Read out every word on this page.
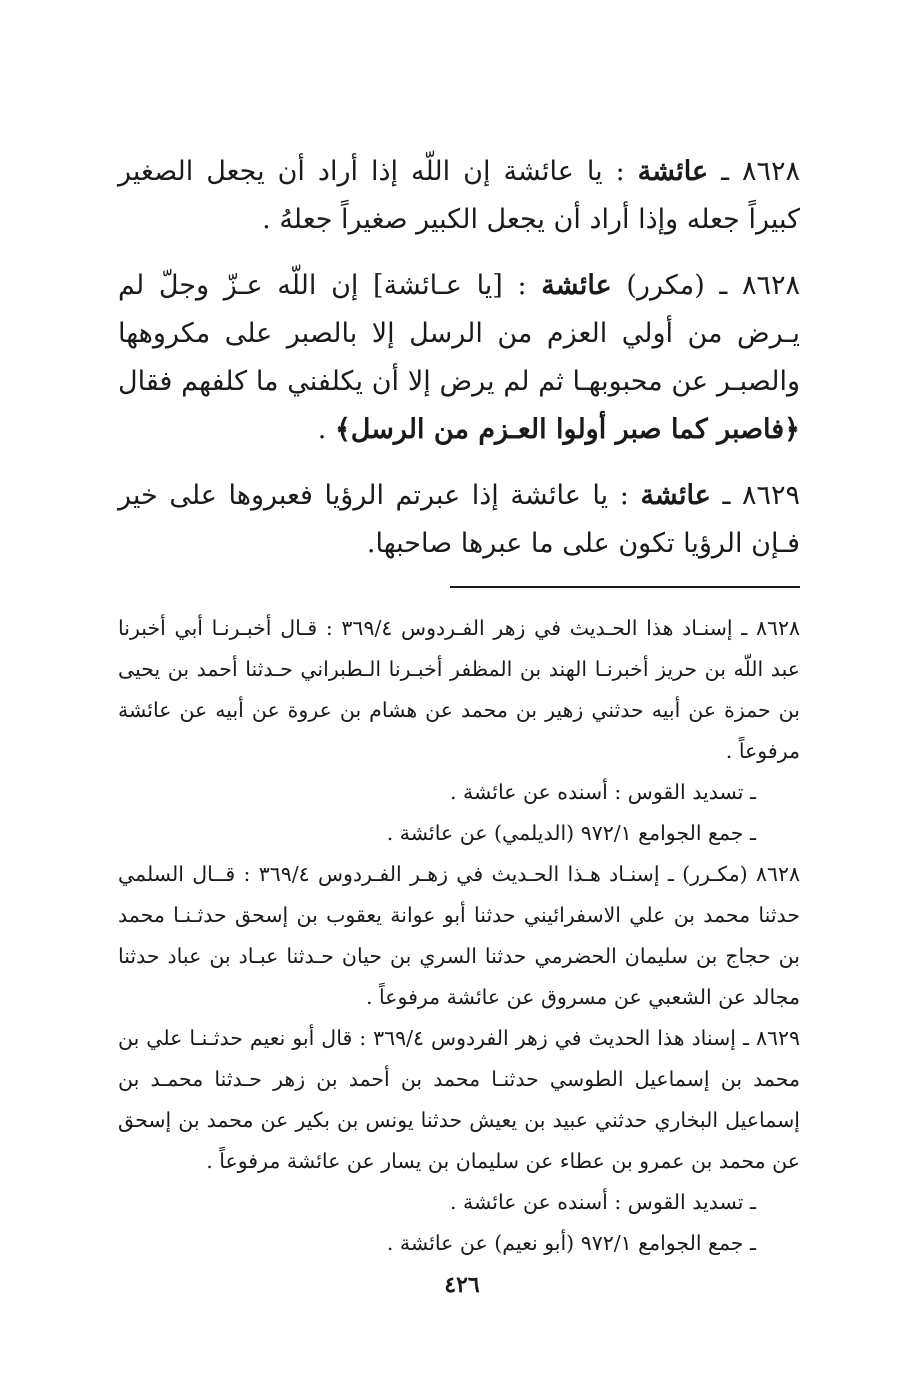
٨٦٢٨ ـ عائشة : يا عائشة إن اللّه إذا أراد أن يجعل الصغير كبيراً جعله وإذا أراد أن يجعل الكبير صغيراً جعلهُ .

٨٦٢٨ ـ (مكرر) عائشة : [يا عـائشة] إن اللّه عـزّ وجلّ لم يـرض من أولي العزم من الرسل إلا بالصبر على مكروهها والصبـر عن محبوبهـا ثم لم يرض إلا أن يكلفني ما كلفهم فقال ﴿فاصبر كما صبر أولوا العـزم من الرسل﴾ .

٨٦٢٩ ـ عائشة : يا عائشة إذا عبرتم الرؤيا فعبروها على خير فـإن الرؤيا تكون على ما عبرها صاحبها.

٨٦٢٨ ـ إسنـاد هذا الحـديث في زهر الفـردوس ٣٦٩/٤ : قـال أخبـرنـا أبي أخبرنا عبد اللّه بن حريز أخبرنـا الهند بن المظفر أخبـرنا الـطبراني حـدثنا أحمد بن يحيى بن حمزة عن أبيه حدثني زهير بن محمد عن هشام بن عروة عن أبيه عن عائشة مرفوعاً .

ـ تسديد القوس : أسنده عن عائشة .

ـ جمع الجوامع ٩٧٢/١ (الديلمي) عن عائشة .

٨٦٢٨ (مكـرر) ـ إسنـاد هـذا الحـديث في زهـر الفـردوس ٣٦٩/٤ : قــال السلمي حدثنا محمد بن علي الاسفرائيني حدثنا أبو عوانة يعقوب بن إسحق حدثـنـا محمد بن حجاج بن سليمان الحضرمي حدثنا السري بن حيان حـدثنا عبـاد بن عباد حدثنا مجالد عن الشعبي عن مسروق عن عائشة مرفوعاً .

٨٦٢٩ ـ إسناد هذا الحديث في زهر الفردوس ٣٦٩/٤ : قال أبو نعيم حدثـنـا علي بن محمد بن إسماعيل الطوسي حدثنـا محمد بن أحمد بن زهر حـدثنا محمـد بن إسماعيل البخاري حدثني عبيد بن يعيش حدثنا يونس بن بكير عن محمد بن إسحق عن محمد بن عمرو بن عطاء عن سليمان بن يسار عن عائشة مرفوعاً .

ـ تسديد القوس : أسنده عن عائشة .

ـ جمع الجوامع ٩٧٢/١ (أبو نعيم) عن عائشة .

٤٢٦
